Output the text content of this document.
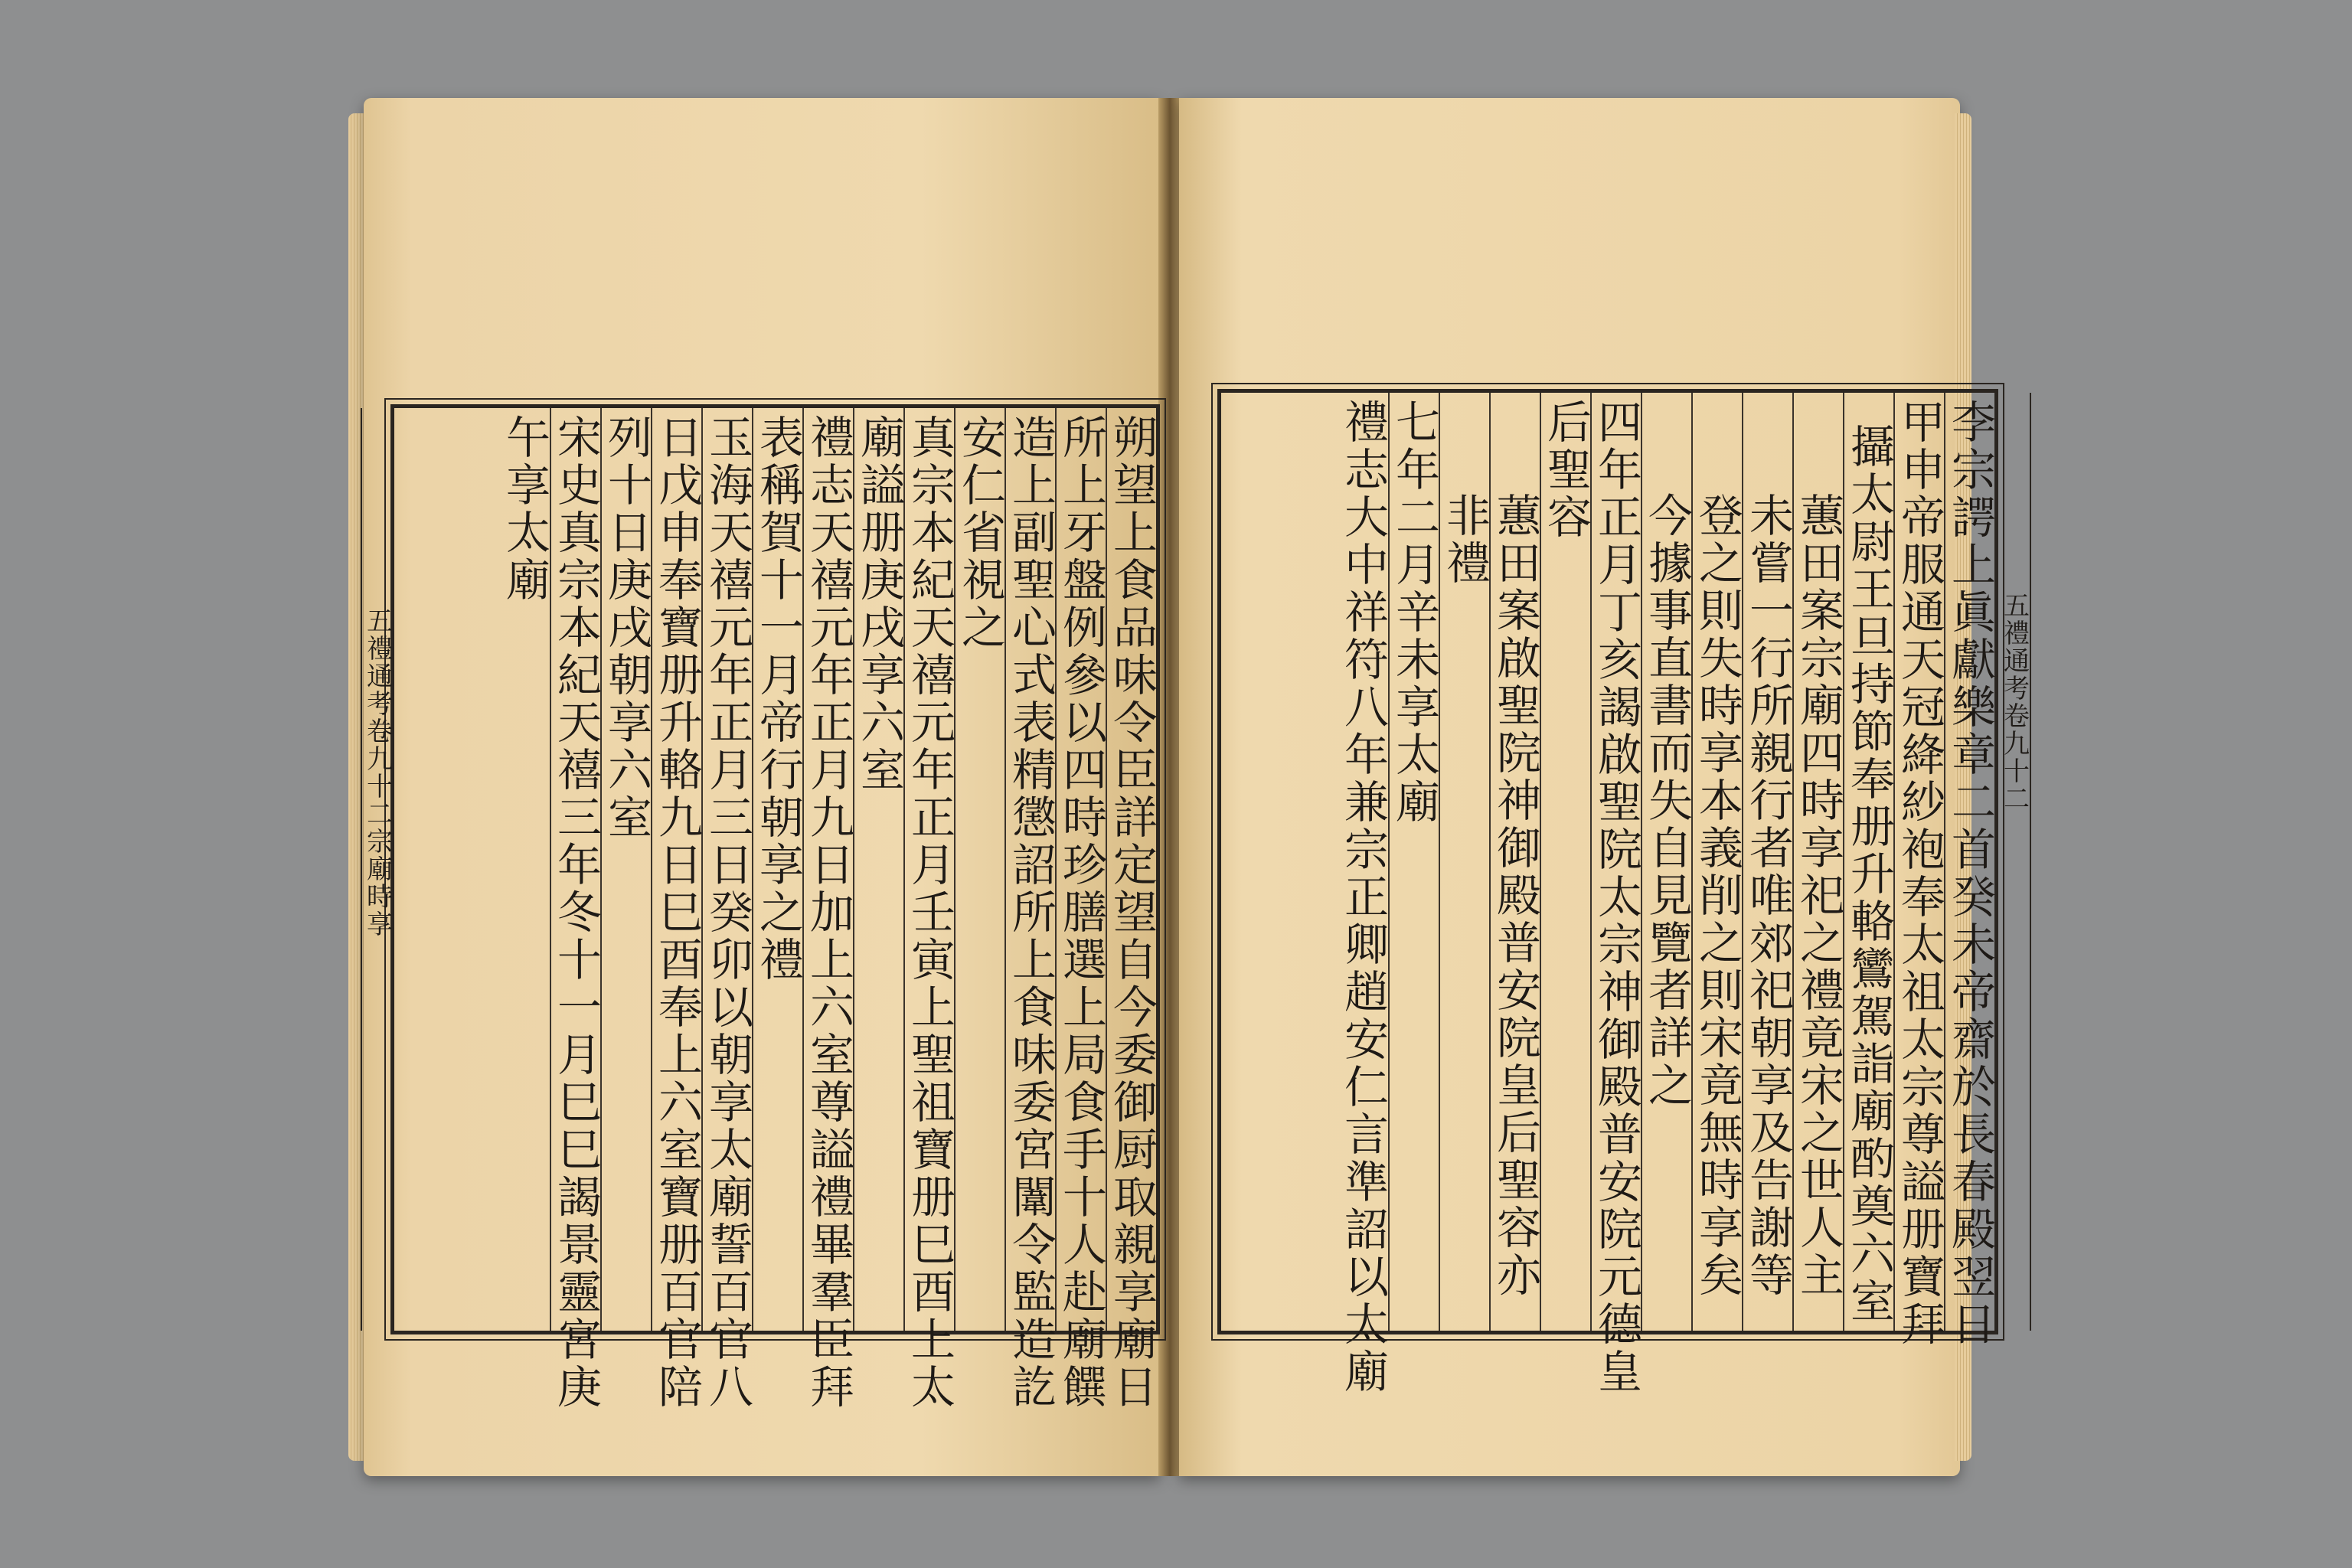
五禮通考卷九十二宗廟時享	朔望上食品味令臣詳定望自今委御厨取親享廟日
所上牙盤例參以四時珍膳選上局食手十人赴廟饌
造上副聖心式表精懲詔所上食味委宮闈令監造訖
安仁省視之
真宗本紀天禧元年正月壬寅上聖祖寶册巳酉上太
廟謚册庚戌享六室
禮志天禧元年正月九日加上六室尊謚禮畢羣臣拜
表稱賀十一月帝行朝享之禮
玉海天禧元年正月三日癸卯以朝享太廟誓百官八
日戊申奉寶册升輅九日巳酉奉上六室寶册百官陪
列十日庚戌朝享六室
宋史真宗本紀天禧三年冬十一月巳巳謁景靈宮庚
午享太廟
五禮通考卷九十二
李宗諤上眞獻樂章二首癸未帝齋於長春殿翌日
甲申帝服通天冠絳紗袍奉太祖太宗尊謚册寶拜
攝太尉王旦持節奉册升輅鸞駕詣廟酌奠六室
蕙田案宗廟四時享祀之禮竟宋之世人主
未嘗一行所親行者唯郊祀朝享及告謝等
登之則失時享本義削之則宋竟無時享矣
今據事直書而失自見覽者詳之
四年正月丁亥謁啟聖院太宗神御殿普安院元德皇
后聖容
蕙田案啟聖院神御殿普安院皇后聖容亦
非禮
七年二月辛未享太廟
禮志大中祥符八年兼宗正卿趙安仁言準詔以太廟
